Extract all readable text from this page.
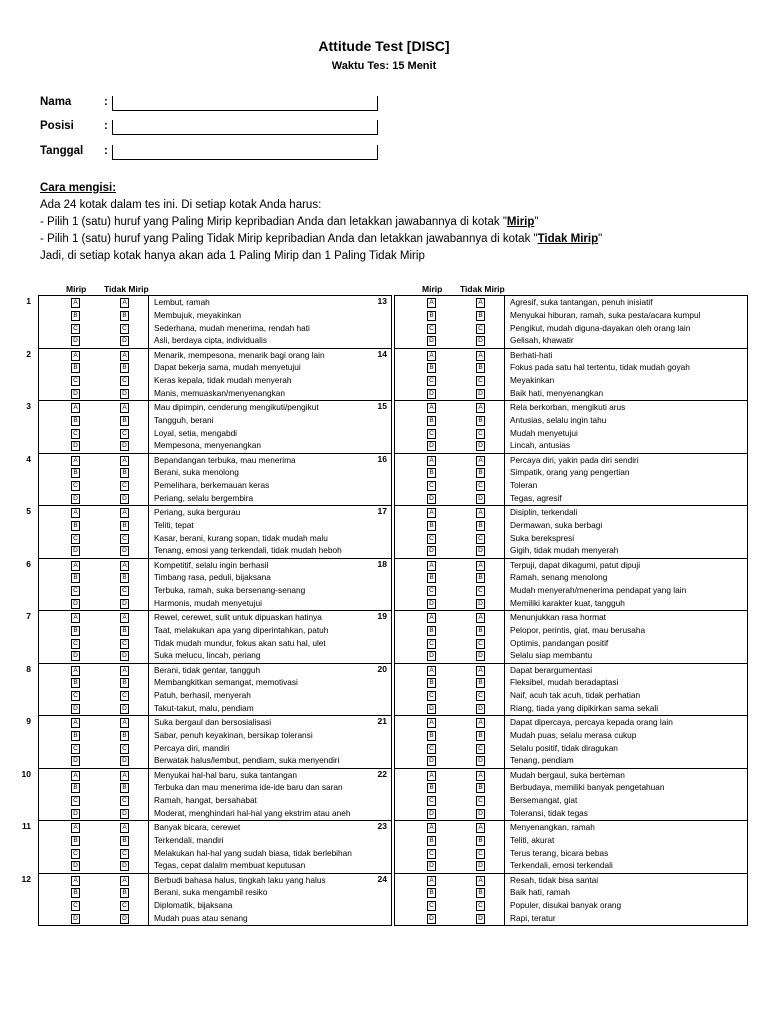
Attitude Test [DISC]
Waktu Tes: 15 Menit
Nama	:
Posisi	:
Tanggal	:
Cara mengisi:
Ada 24 kotak dalam tes ini. Di setiap kotak Anda harus:
- Pilih 1 (satu) huruf yang Paling Mirip kepribadian Anda dan letakkan jawabannya di kotak "Mirip"
- Pilih 1 (satu) huruf yang Paling Tidak Mirip kepribadian Anda dan letakkan jawabannya di kotak "Tidak Mirip"
Jadi, di setiap kotak hanya akan ada 1 Paling Mirip dan 1 Paling Tidak Mirip
Mirip Tidak Mirip	Mirip Tidak Mirip
1	A	A	Lembut, ramah
B	B	Membujuk, meyakinkan
C	C	Sederhana, mudah menerima, rendah hati
D	D	Asli, berdaya cipta, individualis
2	A	A	Menarik, mempesona, menarik bagi orang lain
B	B	Dapat bekerja sama, mudah menyetujui
C	C	Keras kepala, tidak mudah menyerah
D	D	Manis, memuaskan/menyenangkan
3	A	A	Mau dipimpin, cenderung mengikuti/pengikut
B	B	Tangguh, berani
C	C	Loyal, setia, mengabdi
D	D	Mempesona, menyenangkan
4	A	A	Bepandangan terbuka, mau menerima
B	B	Berani, suka menolong
C	C	Pemelihara, berkemauan keras
D	D	Periang, selalu bergembira
5	A	A	Periang, suka bergurau
B	B	Teliti, tepat
C	C	Kasar, berani, kurang sopan, tidak mudah malu
D	D	Tenang, emosi yang terkendali, tidak mudah heboh
6	A	A	Kompetitif, selalu ingin berhasil
B	B	Timbang rasa, peduli, bijaksana
C	C	Terbuka, ramah, suka bersenang-senang
D	D	Harmonis, mudah menyetujui
7	A	A	Rewel, cerewet, sulit untuk dipuaskan hatinya
B	B	Taat, melakukan apa yang diperintahkan, patuh
C	C	Tidak mudah mundur, fokus akan satu hal, ulet
D	D	Suka melucu, lincah, periang
8	A	A	Berani, tidak gentar, tangguh
B	B	Membangkitkan semangat, memotivasi
C	C	Patuh, berhasil, menyerah
D	D	Takut-takut, malu, pendiam
9	A	A	Suka bergaul dan bersosialisasi
B	B	Sabar, penuh keyakinan, bersikap toleransi
C	C	Percaya diri, mandiri
D	D	Berwatak halus/lembut, pendiam, suka menyendiri
10	A	A	Menyukai hal-hal baru, suka tantangan
B	B	Terbuka dan mau menerima ide-ide baru dan saran
C	C	Ramah, hangat, bersahabat
D	D	Moderat, menghindari hal-hal yang ekstrim atau aneh
11	A	A	Banyak bicara, cerewet
B	B	Terkendali, mandiri
C	C	Melakukan hal-hal yang sudah biasa, tidak berlebihan
D	D	Tegas, cepat dalalm membuat keputusan
12	A	A	Berbudi bahasa halus, tingkah laku yang halus
B	B	Berani, suka mengambil resiko
C	C	Diplomatik, bijaksana
D	D	Mudah puas atau senang
13	A	A	Agresif, suka tantangan, penuh inisiatif
B	B	Menyukai hiburan, ramah, suka pesta/acara kumpul
C	C	Pengikut, mudah diguna-dayakan oleh orang lain
D	D	Gelisah, khawatir
14	A	A	Berhati-hati
B	B	Fokus pada satu hal tertentu, tidak mudah goyah
C	C	Meyakinkan
D	D	Baik hati, menyenangkan
15	A	A	Rela berkorban, mengikuti arus
B	B	Antusias, selalu ingin tahu
C	C	Mudah menyetujui
D	D	Lincah, antusias
16	A	A	Percaya diri, yakin pada diri sendiri
B	B	Simpatik, orang yang pengertian
C	C	Toleran
D	D	Tegas, agresif
17	A	A	Disiplin, terkendali
B	B	Dermawan, suka berbagi
C	C	Suka berekspresi
D	D	Gigih, tidak mudah menyerah
18	A	A	Terpuji, dapat dikagumi, patut dipuji
B	B	Ramah, senang menolong
C	C	Mudah menyerah/menerima pendapat yang lain
D	D	Memiliki karakter kuat, tangguh
19	A	A	Menunjukkan rasa hormat
B	B	Pelopor, perintis, giat, mau berusaha
C	C	Optimis, pandangan positif
D	D	Selalu siap membantu
20	A	A	Dapat berargumentasi
B	B	Fleksibel, mudah beradaptasi
C	C	Naif, acuh tak acuh, tidak perhatian
D	D	Riang, tiada yang dipikirkan sama sekali
21	A	A	Dapat dipercaya, percaya kepada orang lain
B	B	Mudah puas, selalu merasa cukup
C	C	Selalu positif, tidak diragukan
D	D	Tenang, pendiam
22	A	A	Mudah bergaul, suka berteman
B	B	Berbudaya, memiliki banyak pengetahuan
C	C	Bersemangat, giat
D	D	Toleransi, tidak tegas
23	A	A	Menyenangkan, ramah
B	B	Teliti, akurat
C	C	Terus terang, bicara bebas
D	D	Terkendali, emosi terkendali
24	A	A	Resah, tidak bisa santai
B	B	Baik hati, ramah
C	C	Populer, disukai banyak orang
D	D	Rapi, teratur
